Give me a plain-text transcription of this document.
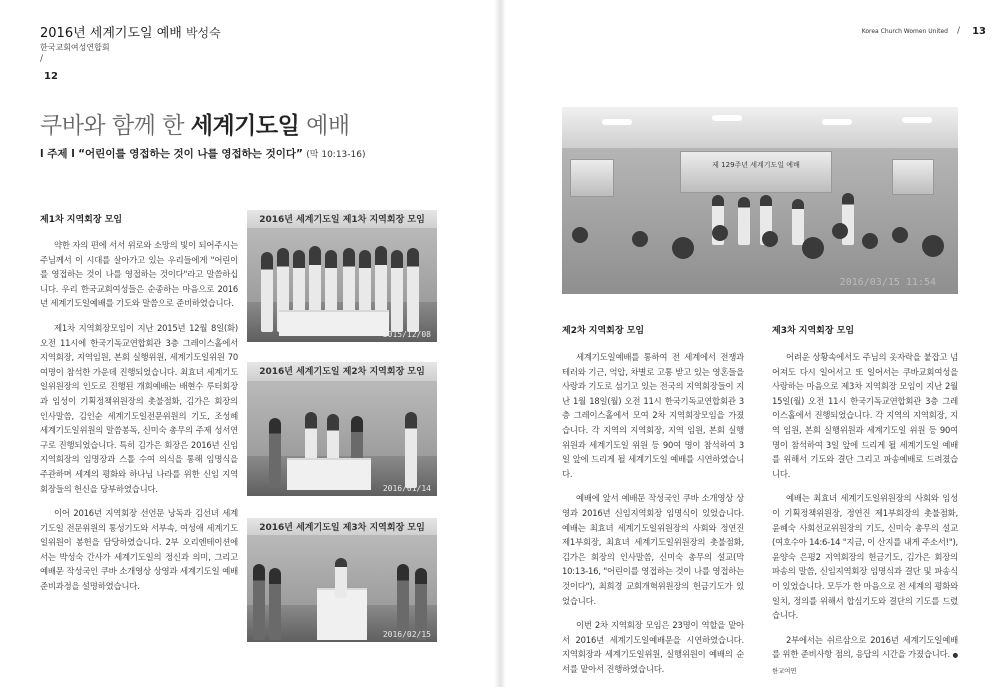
2016년 세계기도일 예배 박성숙
한국교회여성연합회
/
12
쿠바와 함께 한 세계기도일 예배
l 주제 l “어린이를 영접하는 것이 나를 영접하는 것이다” (막 10:13-16)
제1차 지역회장 모임

약한 자의 편에 서서 위로와 소망의 빛이 되어주시는 주님께서 이 시대를 살아가고 있는 우리들에게 "어린이를 영접하는 것이 나를 영접하는 것이다"라고 말씀하십니다. 우리 한국교회여성들은 순종하는 마음으로 2016년 세계기도일예배를 기도와 말씀으로 준비하였습니다.

제1차 지역회장모임이 지난 2015년 12월 8일(화) 오전 11시에 한국기독교연합회관 3층 그레이스홀에서 지역회장, 지역임원, 본회 실행위원, 세계기도일위원 70여명이 참석한 가운데 진행되었습니다. 최효녀 세계기도일위원장의 인도로 진행된 개회예배는 배현수 루터회장과 임성이 기획정책위원장의 촛불점화, 김가은 회장의 인사말씀, 김인순 세계기도일전문위원의 기도, 조성혜 세계기도일위원의 말씀봉독, 신미숙 총무의 주제 성서연구로 진행되었습니다. 특히 김가은 회장은 2016년 신임 지역회장의 임명장과 스톨 수여 의식을 통해 임명식을 주관하며 세계의 평화와 하나님 나라를 위한 신임 지역회장들의 헌신을 당부하였습니다.

이어 2016년 지역회장 선언문 낭독과 김선녀 세계기도일 전문위원의 통성기도와 서부속, 여성애 세계기도일위원이 봉헌을 담당하였습니다. 2부 오리엔테이션에서는 박성숙 간사가 세계기도일의 정신과 의미, 그리고 예배문 작성국인 쿠바 소개영상 상영과 세계기도일 예배 준비과정을 설명하였습니다.

2016년 세계기도일 제1차 지역회장 모임
2015/12/08
2016년 세계기도일 제2차 지역회장 모임
2016/01/14
2016년 세계기도일 제3차 지역회장 모임
2016/02/15
Korea Church Women United / 13
제 129주년 세계기도일 예배
2016/03/15 11:54
제2차 지역회장 모임

세계기도일예배를 통하여 전 세계에서 전쟁과 테러와 기근, 억압, 차별로 고통 받고 있는 영혼들을 사랑과 기도로 섬기고 있는 전국의 지역회장들이 지난 1월 18일(월) 오전 11시 한국기독교연합회관 3층 그레이스홀에서 모여 2차 지역회장모임을 가졌습니다. 각 지역의 지역회장, 지역 임원, 본회 실행위원과 세계기도일 위원 등 90여 명이 참석하여 3일 앞에 드리게 될 세계기도일 예배를 시연하였습니다.

예배에 앞서 예배문 작성국인 쿠바 소개영상 상영과 2016년 신임지역회장 임명식이 있었습니다. 예배는 최효녀 세계기도일위원장의 사회와 정연진 제1부회장, 최효녀 세계기도일위원장의 촛불점화, 김가은 회장의 인사말씀, 신미숙 총무의 설교(막10:13-16, "어린이를 영접하는 것이 나를 영접하는 것이다"), 최희경 교회개혁위원장의 헌금기도가 있었습니다.

이번 2차 지역회장 모임은 23명이 역할을 맡아서 2016년 세계기도일예배문을 시연하였습니다. 지역회장과 세계기도일위원, 실행위원이 예배의 순서를 맡아서 진행하였습니다.

제3차 지역회장 모임

어려운 상황속에서도 주님의 옷자락을 붙잡고 넘어져도 다시 일어서고 또 일어서는 쿠바교회여성을 사랑하는 마음으로 제3차 지역회장 모임이 지난 2월 15일(월) 오전 11시 한국기독교연합회관 3층 그레이스홀에서 진행되었습니다. 각 지역의 지역회장, 지역 임원, 본회 실행위원과 세계기도일 위원 등 90여 명이 참석하여 3일 앞에 드리게 될 세계기도일 예배를 위해서 기도와 결단 그리고 파송예배로 드려졌습니다.

예배는 최효녀 세계기도일위원장의 사회와 임성이 기획정책위원장, 정연진 제1부회장의 촛불점화, 윤혜숙 사회선교위원장의 기도, 신미숙 총무의 설교(여호수아 14:6-14 "지금, 이 산지를 내게 주소서!"), 윤양숙 은평2 지역회장의 헌금기도, 김가은 회장의 파송의 말씀, 신임지역회장 임명식과 결단 및 파송식이 있었습니다. 모두가 한 마음으로 전 세계의 평화와 일치, 정의를 위해서 합심기도와 결단의 기도를 드렸습니다.

2부에서는 쉬르삼으로 2016년 세계기도일예배를 위한 준비사항 점의, 응답의 시간을 가졌습니다. ● 한교여연
